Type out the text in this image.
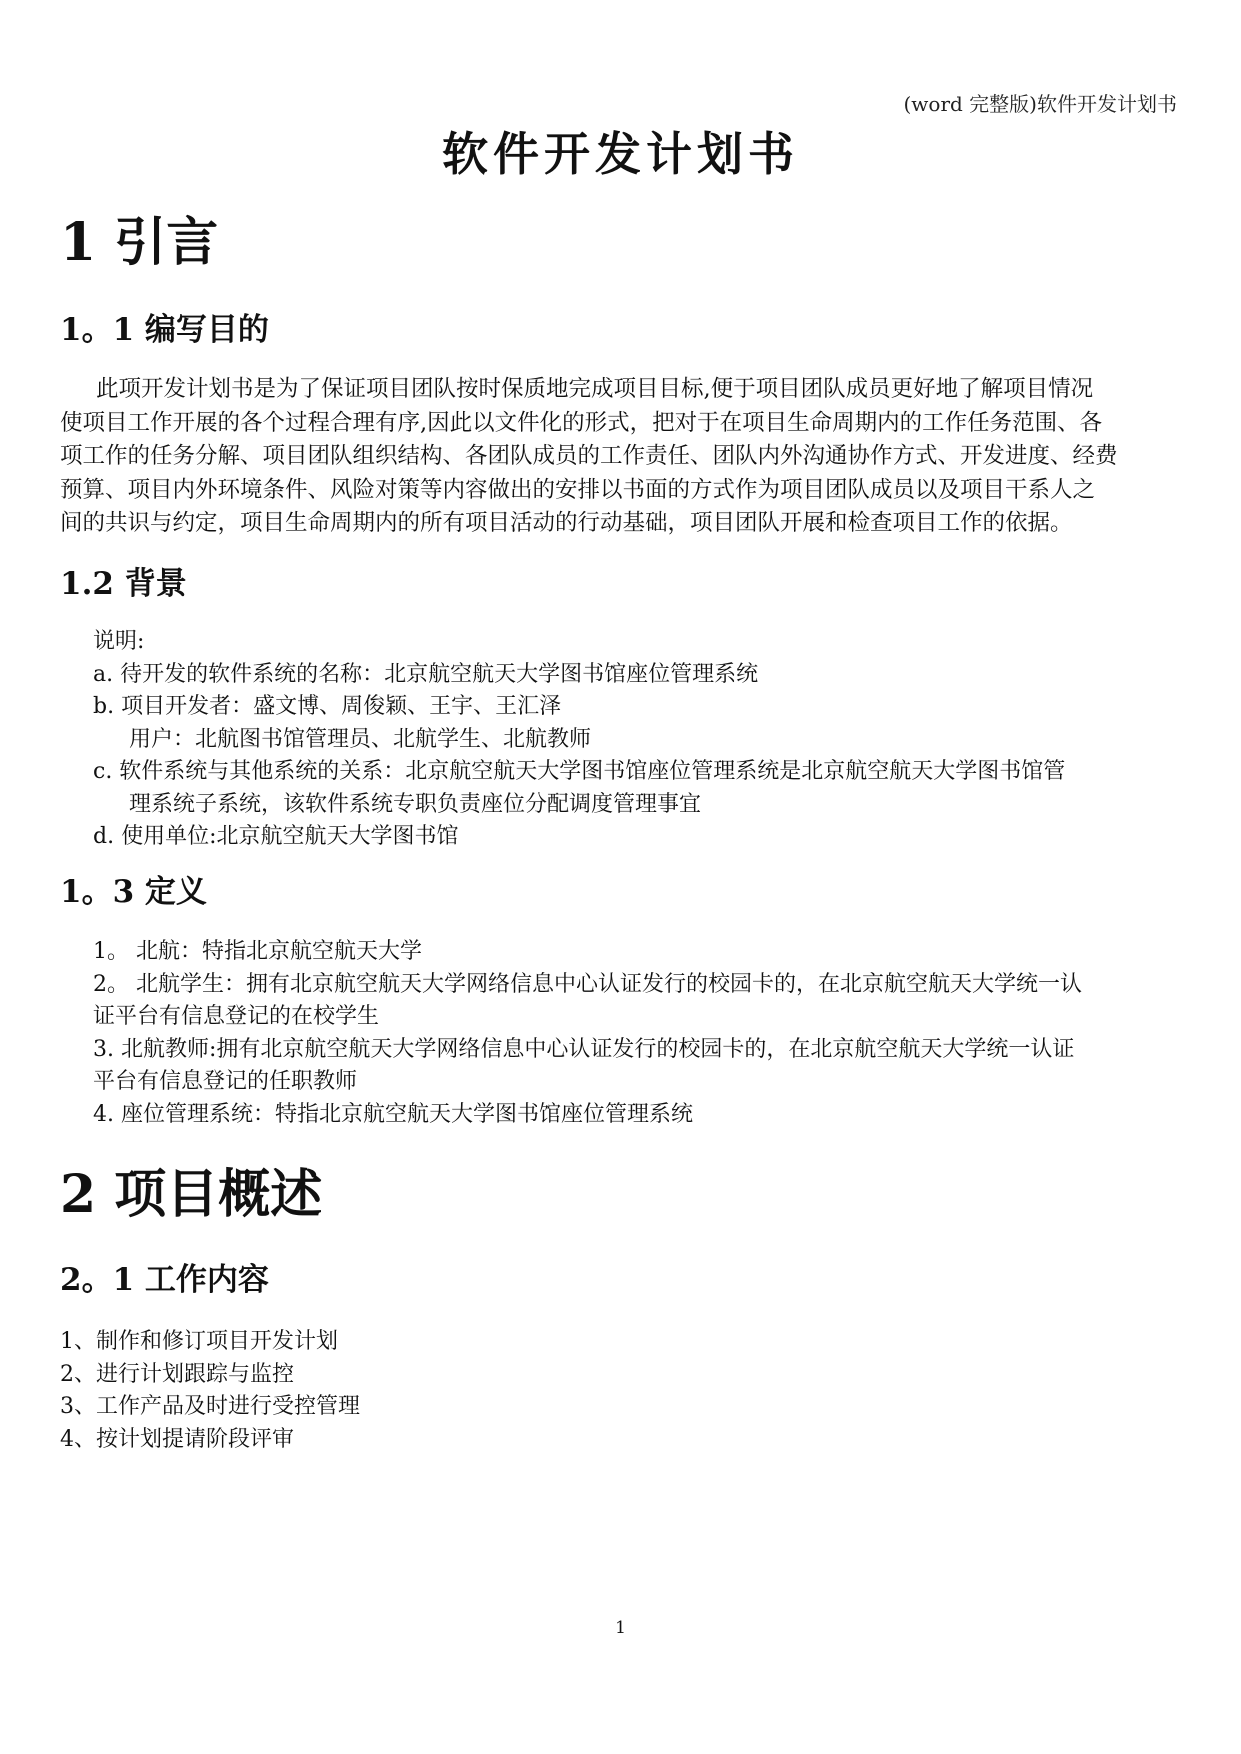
(word 完整版)软件开发计划书
软件开发计划书
1 引言
1。1 编写目的

此项开发计划书是为了保证项目团队按时保质地完成项目目标,便于项目团队成员更好地了解项目情况

使项目工作开展的各个过程合理有序,因此以文件化的形式，把对于在项目生命周期内的工作任务范围、各

项工作的任务分解、项目团队组织结构、各团队成员的工作责任、团队内外沟通协作方式、开发进度、经费

预算、项目内外环境条件、风险对策等内容做出的安排以书面的方式作为项目团队成员以及项目干系人之

间的共识与约定，项目生命周期内的所有项目活动的行动基础，项目团队开展和检查项目工作的依据。

1.2 背景
说明:
a. 待开发的软件系统的名称：北京航空航天大学图书馆座位管理系统
b. 项目开发者：盛文博、周俊颖、王宇、王汇泽
用户：北航图书馆管理员、北航学生、北航教师
c. 软件系统与其他系统的关系：北京航空航天大学图书馆座位管理系统是北京航空航天大学图书馆管
理系统子系统，该软件系统专职负责座位分配调度管理事宜
d. 使用单位:北京航空航天大学图书馆
1。3 定义
1。 北航：特指北京航空航天大学
2。 北航学生：拥有北京航空航天大学网络信息中心认证发行的校园卡的，在北京航空航天大学统一认
证平台有信息登记的在校学生
3. 北航教师:拥有北京航空航天大学网络信息中心认证发行的校园卡的，在北京航空航天大学统一认证
平台有信息登记的任职教师
4. 座位管理系统：特指北京航空航天大学图书馆座位管理系统
2 项目概述
2。1 工作内容
1、制作和修订项目开发计划
2、进行计划跟踪与监控
3、工作产品及时进行受控管理
4、按计划提请阶段评审
1
